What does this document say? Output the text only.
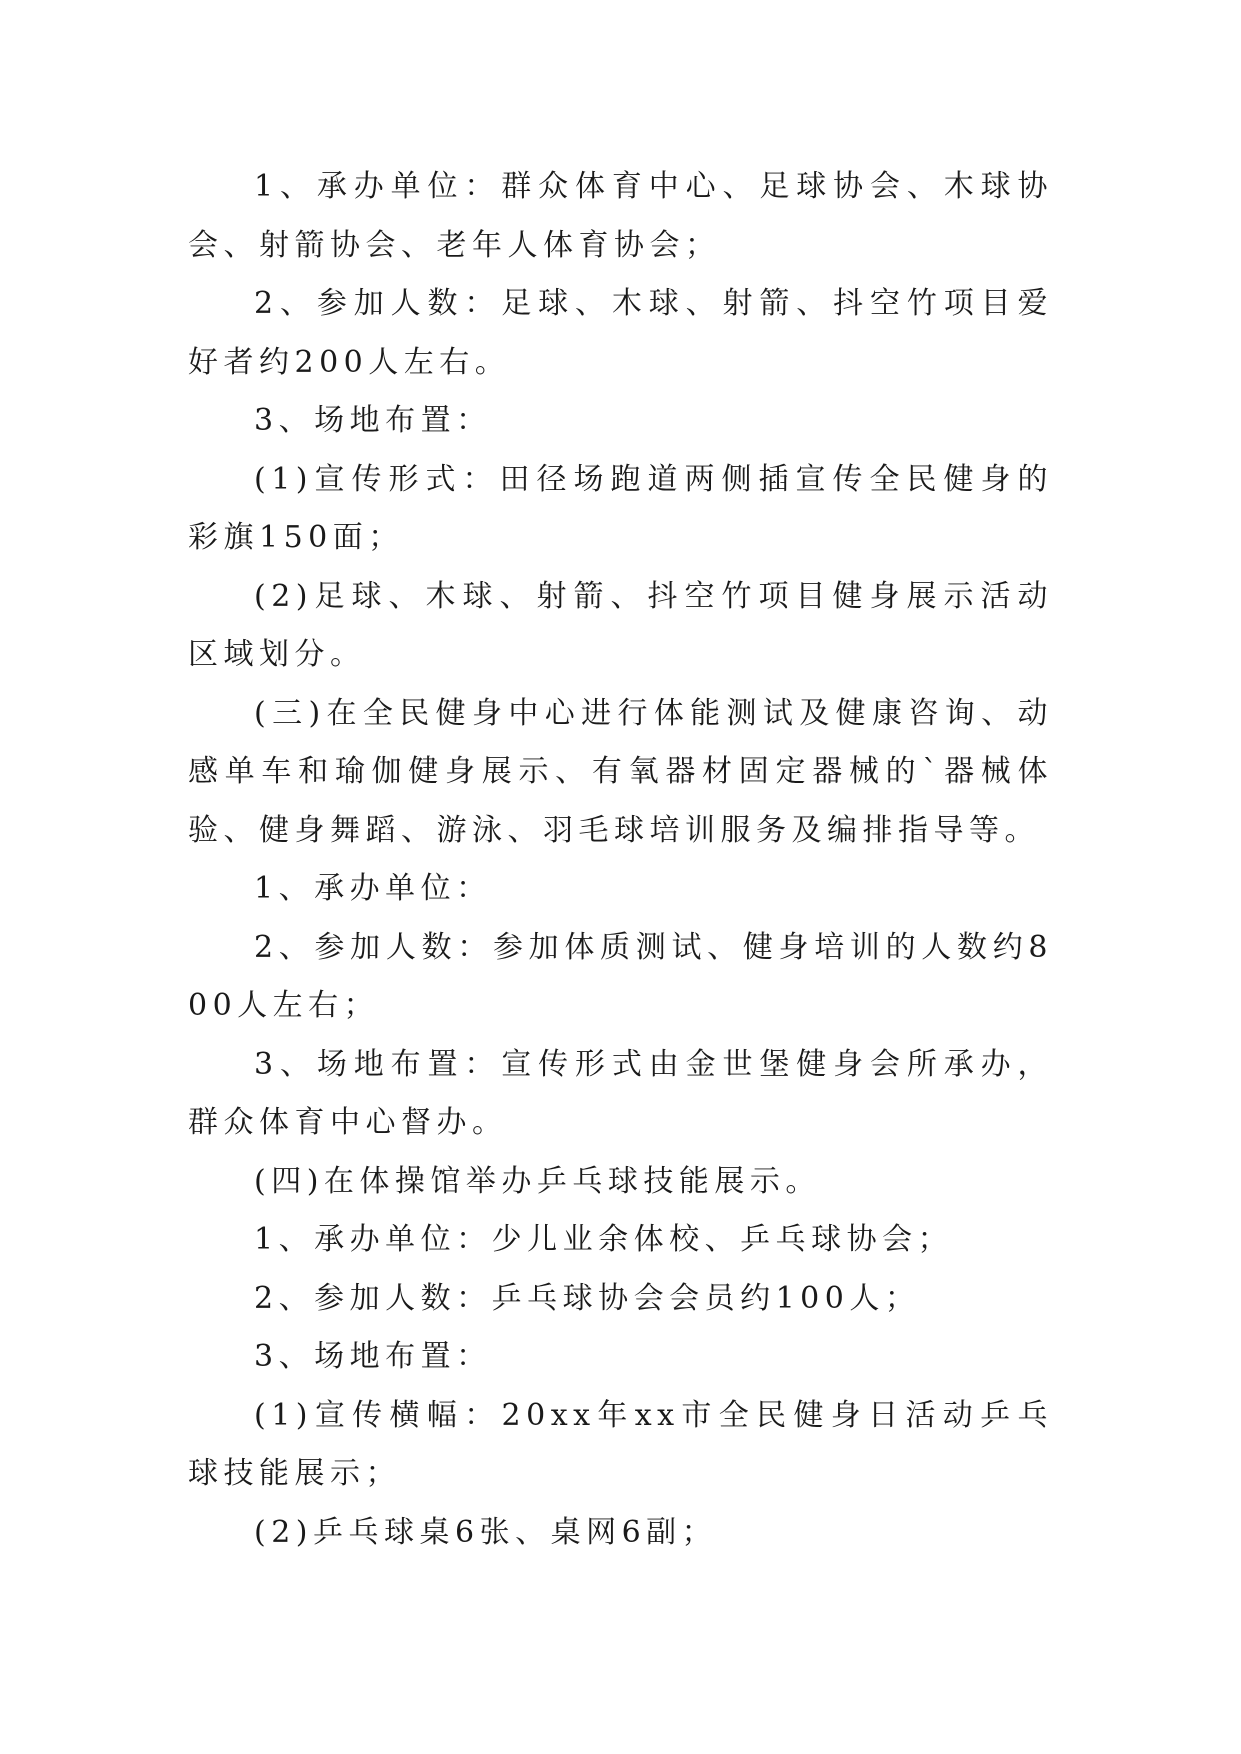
1、承办单位：群众体育中心、足球协会、木球协会、射箭协会、老年人体育协会；

2、参加人数：足球、木球、射箭、抖空竹项目爱好者约200人左右。

3、场地布置：

(1)宣传形式：田径场跑道两侧插宣传全民健身的彩旗150面；

(2)足球、木球、射箭、抖空竹项目健身展示活动区域划分。

(三)在全民健身中心进行体能测试及健康咨询、动感单车和瑜伽健身展示、有氧器材固定器械的`器械体验、健身舞蹈、游泳、羽毛球培训服务及编排指导等。

1、承办单位：

2、参加人数：参加体质测试、健身培训的人数约800人左右；

3、场地布置：宣传形式由金世堡健身会所承办，群众体育中心督办。

(四)在体操馆举办乒乓球技能展示。

1、承办单位：少儿业余体校、乒乓球协会；

2、参加人数：乒乓球协会会员约100人；

3、场地布置：

(1)宣传横幅：20xx年xx市全民健身日活动乒乓球技能展示；

(2)乒乓球桌6张、桌网6副；
